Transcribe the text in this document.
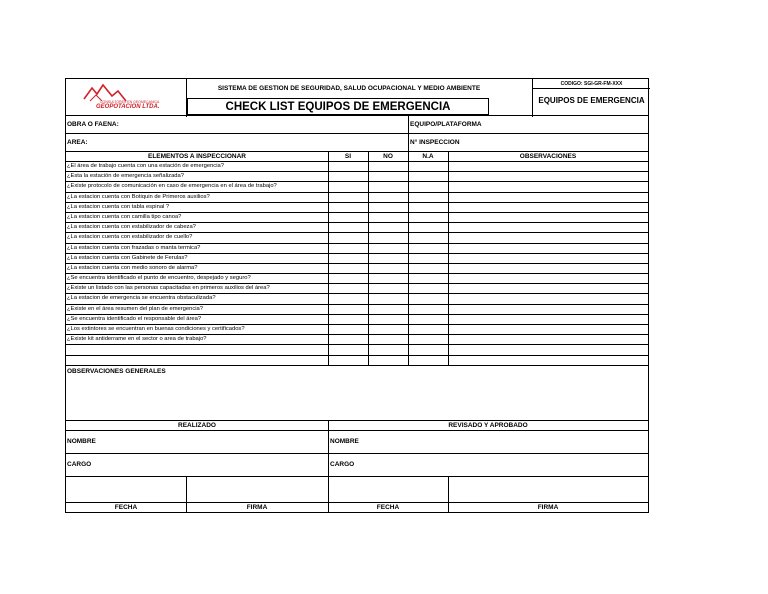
CONSULTORES EN GEOMECANICA
GEOPOTACION LTDA.
SISTEMA DE GESTION DE SEGURIDAD, SALUD OCUPACIONAL Y MEDIO AMBIENTE
CHECK LIST EQUIPOS DE EMERGENCIA
CODIGO: SGI-GR-FM-XXX
EQUIPOS DE EMERGENCIA
OBRA O FAENA:	EQUIPO/PLATAFORMA
AREA:	N° INSPECCION
ELEMENTOS A INSPECCIONAR	SI	NO	N.A	OBSERVACIONES
¿El área de trabajo cuenta con una estación de emergencia?
¿Esta la estación de emergencia señalizada?
¿Existe protocolo de comunicación en caso de emergencia en el área de trabajo?
¿La estacion cuenta con Botiquin de Primeros auxilios?
¿La estacion cuenta con tabla espinal ?
¿La estacion cuenta con camilla tipo canoa?
¿La estacion cuenta con estabilizador de cabeza?
¿La estacion cuenta con estabilizador de cuello?
¿La estacion cuenta con frazadas o manta termica?
¿La estacion cuenta con Gabinete de Ferulas?
¿La estacion cuenta con medio sonoro de alarma?
¿Se encuentra identificado el punto de encuentro, despejado y seguro?
¿Existe un listado con las personas capacitadas en primeros auxilios del área?
¿La estacion de emergencia se encuentra obstaculizada?
¿Existe en el área resumen del plan de emergencia?
¿Se encuentra identificado el responsable del área?
¿Los extintores se encuentran en buenas condiciones y certificados?
¿Existe kit antiderrame en el sector o area de trabajo?
OBSERVACIONES GENERALES
REALIZADO	REVISADO Y APROBADO
NOMBRE	NOMBRE
CARGO	CARGO
FECHA	FIRMA	FECHA	FIRMA
